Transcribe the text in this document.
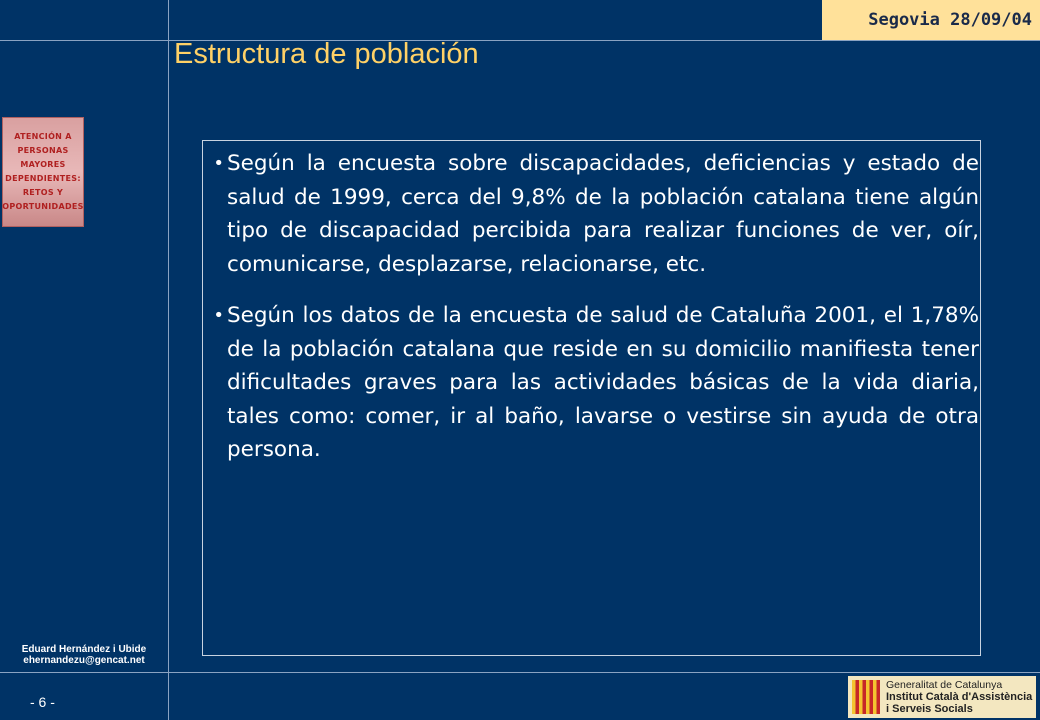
Segovia 28/09/04
Estructura de población
ATENCIÓN A
PERSONAS
MAYORES
DEPENDIENTES:
RETOS Y
OPORTUNIDADES
• Según la encuesta sobre discapacidades, deficiencias y estado de salud de 1999, cerca del 9,8% de la población catalana tiene algún tipo de discapacidad percibida para realizar funciones de ver, oír, comunicarse, desplazarse, relacionarse, etc.

• Según los datos de la encuesta de salud de Cataluña 2001, el 1,78% de la población catalana que reside en su domicilio manifiesta tener dificultades graves para las actividades básicas de la vida diaria, tales como: comer, ir al baño, lavarse o vestirse sin ayuda de otra persona.

Eduard Hernández i Ubide
ehernandezu@gencat.net
- 6 -
Generalitat de Catalunya
Institut Català d'Assistència
i Serveis Socials
